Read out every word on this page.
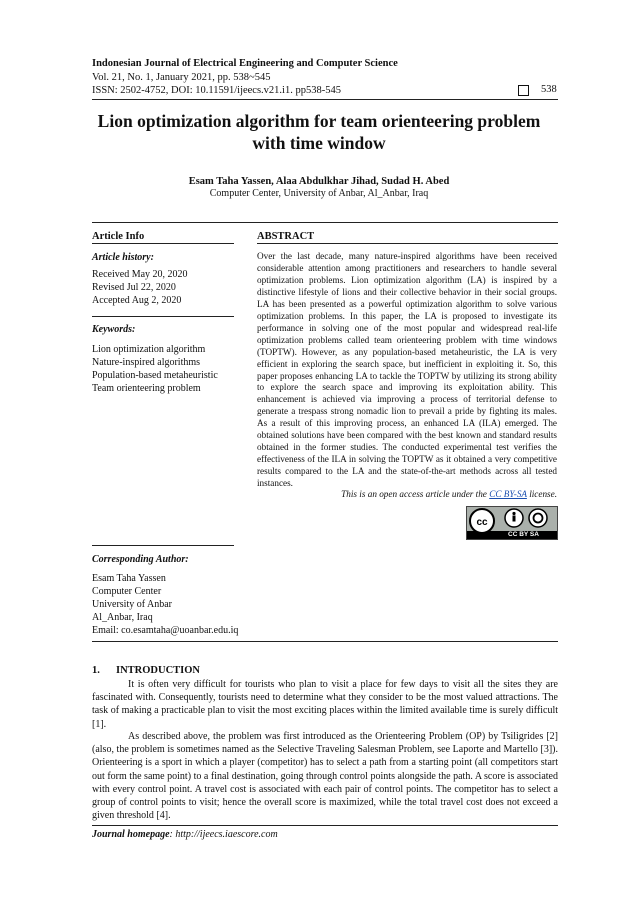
Indonesian Journal of Electrical Engineering and Computer Science
Vol. 21, No. 1, January 2021, pp. 538~545
ISSN: 2502-4752, DOI: 10.11591/ijeecs.v21.i1. pp538-545	538
Lion optimization algorithm for team orienteering problem
with time window
Esam Taha Yassen, Alaa Abdulkhar Jihad, Sudad H. Abed
Computer Center, University of Anbar, Al_Anbar, Iraq
Article Info
Article history:
Received May 20, 2020
Revised Jul 22, 2020
Accepted Aug 2, 2020
Keywords:
Lion optimization algorithm
Nature-inspired algorithms
Population-based metaheuristic
Team orienteering problem
ABSTRACT
Over the last decade, many nature-inspired algorithms have been received considerable attention among practitioners and researchers to handle several optimization problems. Lion optimization algorithm (LA) is inspired by a distinctive lifestyle of lions and their collective behavior in their social groups. LA has been presented as a powerful optimization algorithm to solve various optimization problems. In this paper, the LA is proposed to investigate its performance in solving one of the most popular and widespread real-life optimization problems called team orienteering problem with time windows (TOPTW). However, as any population-based metaheuristic, the LA is very efficient in exploring the search space, but inefficient in exploiting it. So, this paper proposes enhancing LA to tackle the TOPTW by utilizing its strong ability to explore the search space and improving its exploitation ability. This enhancement is achieved via improving a process of territorial defense to generate a trespass strong nomadic lion to prevail a pride by fighting its males. As a result of this improving process, an enhanced LA (ILA) emerged. The obtained solutions have been compared with the best known and standard results obtained in the former studies. The conducted experimental test verifies the effectiveness of the ILA in solving the TOPTW as it obtained a very competitive results compared to the LA and the state-of-the-art methods across all tested instances.
This is an open access article under the CC BY-SA license.
cc
CC BY SA
Corresponding Author:
Esam Taha Yassen
Computer Center
University of Anbar
Al_Anbar, Iraq
Email: co.esamtaha@uoanbar.edu.iq
1. INTRODUCTION
It is often very difficult for tourists who plan to visit a place for few days to visit all the sites they are fascinated with. Consequently, tourists need to determine what they consider to be the most valued attractions. The task of making a practicable plan to visit the most exciting places within the limited available time is surely difficult [1].
As described above, the problem was first introduced as the Orienteering Problem (OP) by Tsiligrides [2] (also, the problem is sometimes named as the Selective Traveling Salesman Problem, see Laporte and Martello [3]). Orienteering is a sport in which a player (competitor) has to select a path from a starting point (all competitors start out form the same point) to a final destination, going through control points alongside the path. A score is associated with every control point. A travel cost is associated with each pair of control points. The competitor has to select a group of control points to visit; hence the overall score is maximized, while the total travel cost does not exceed a given threshold [4].
Journal homepage: http://ijeecs.iaescore.com
